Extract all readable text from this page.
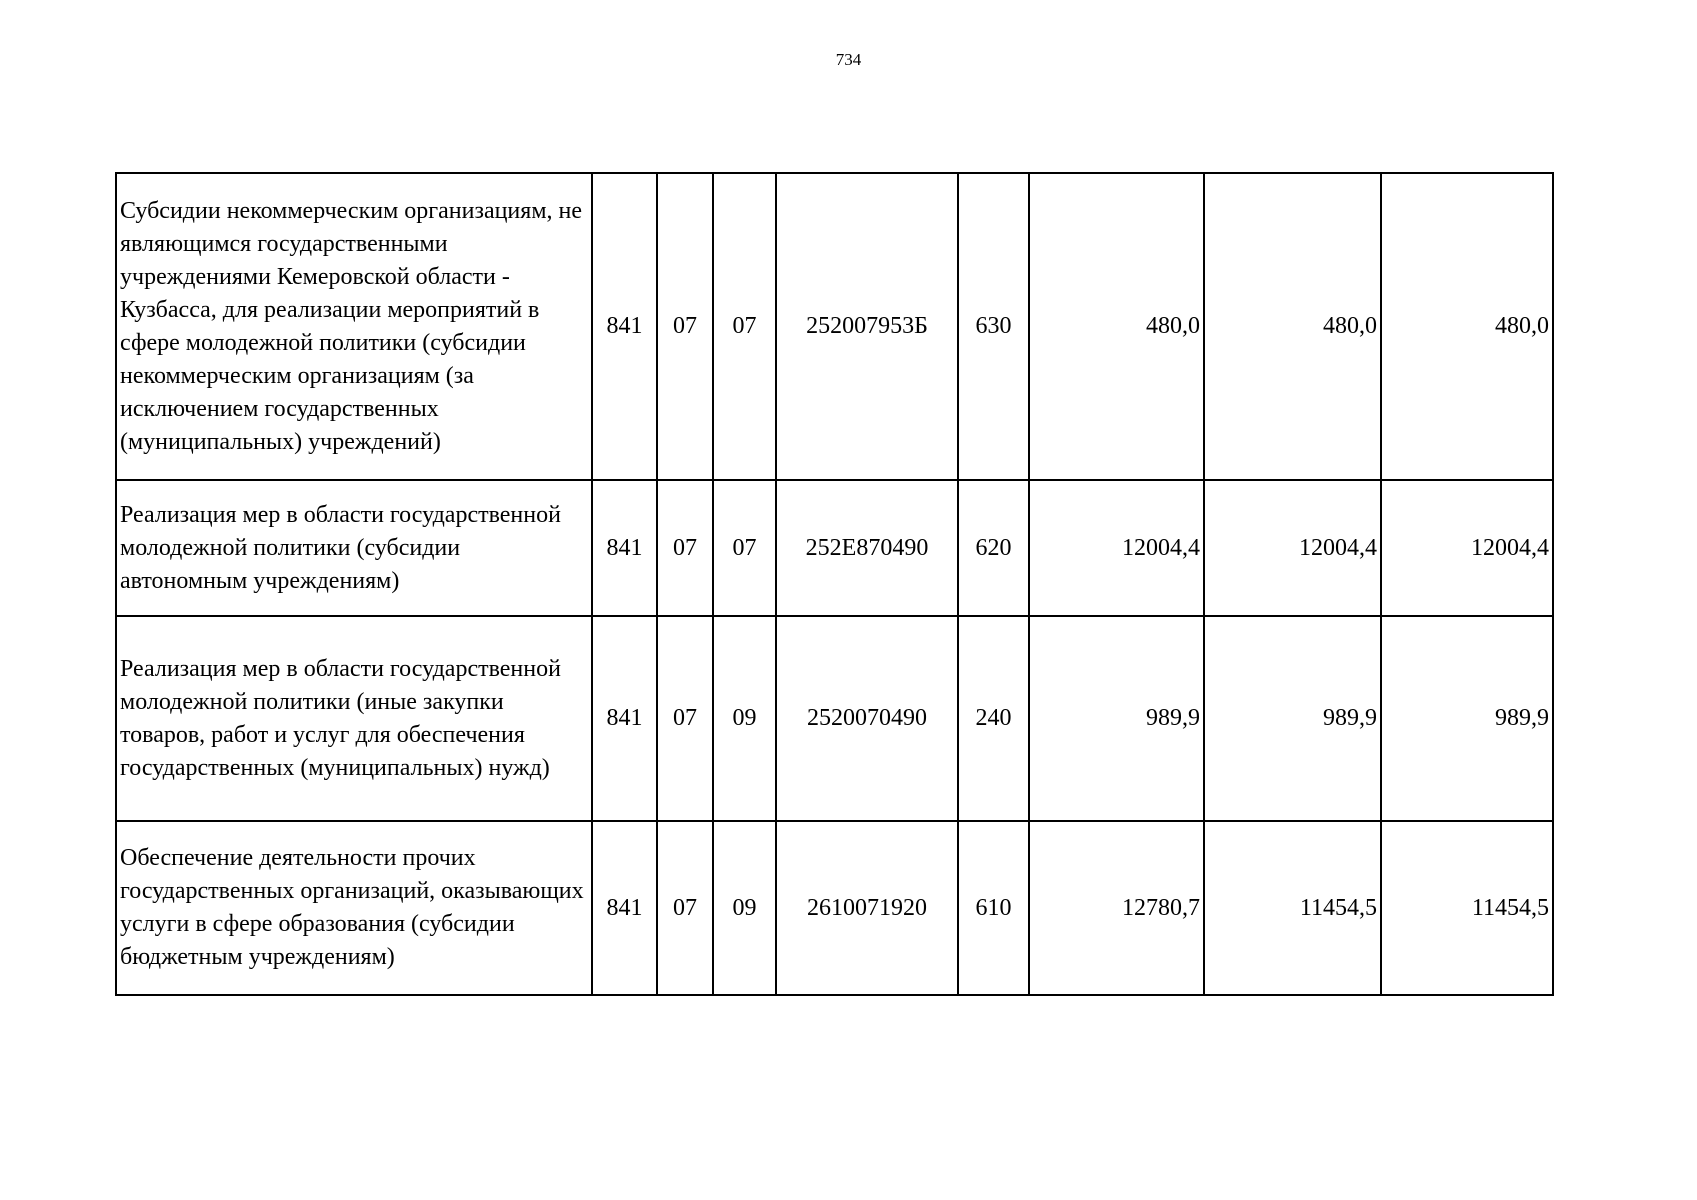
734
Субсидии некоммерческим организациям, не являющимся государственными учреждениями Кемеровской области - Кузбасса, для реализации мероприятий в сфере молодежной политики (субсидии некоммерческим организациям (за исключением государственных (муниципальных) учреждений)	841	07	07	252007953Б	630	480,0	480,0	480,0
Реализация мер в области государственной молодежной политики (субсидии автономным учреждениям)	841	07	07	252E870490	620	12004,4	12004,4	12004,4
Реализация мер в области государственной молодежной политики (иные закупки товаров, работ и услуг для обеспечения государственных (муниципальных) нужд)	841	07	09	2520070490	240	989,9	989,9	989,9
Обеспечение деятельности прочих государственных организаций, оказывающих услуги в сфере образования (субсидии бюджетным учреждениям)	841	07	09	2610071920	610	12780,7	11454,5	11454,5
